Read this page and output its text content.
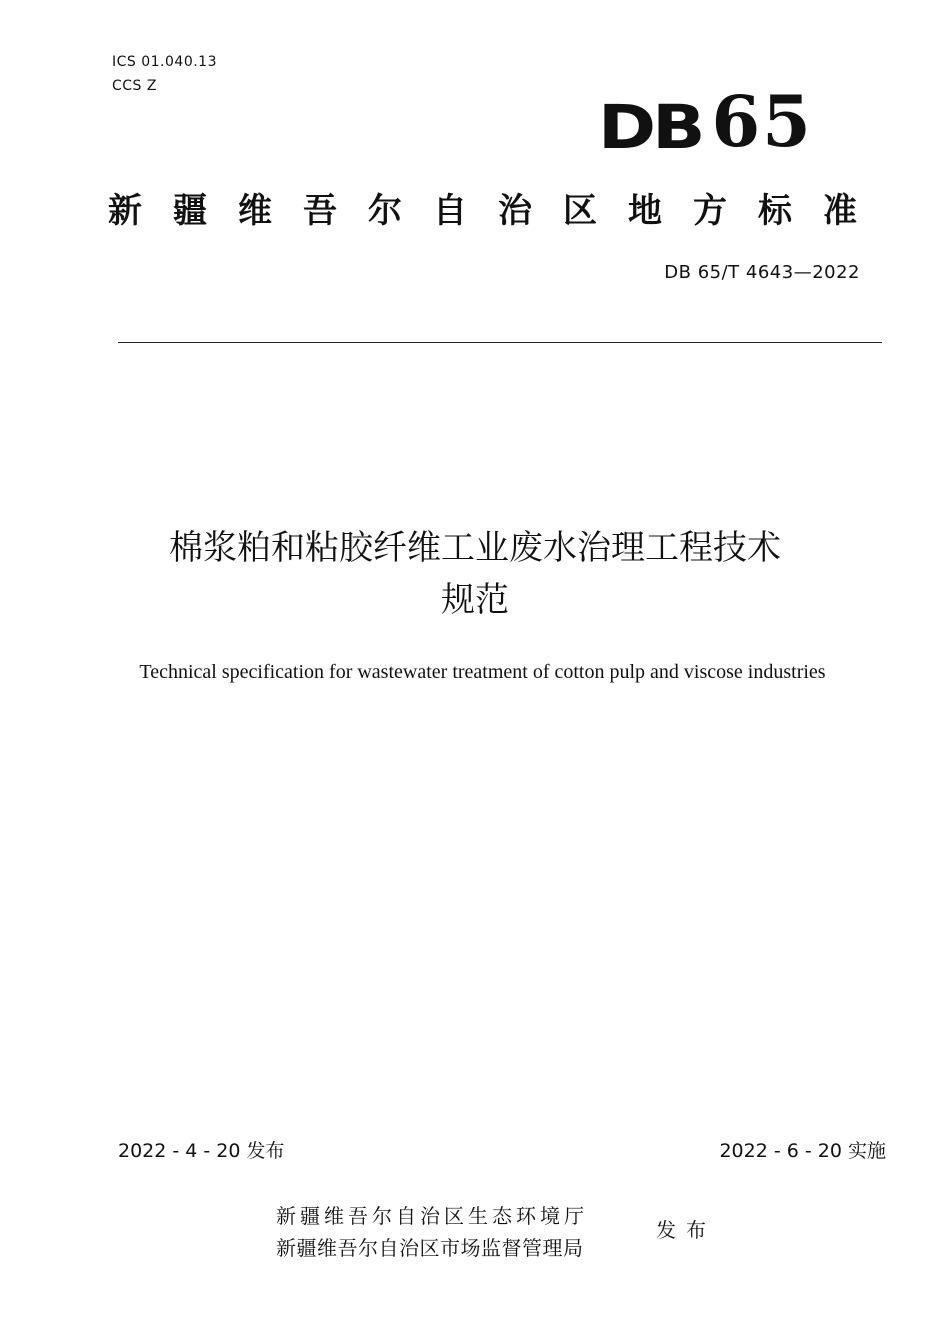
ICS 01.040.13
CCS Z
DB 65
新疆维吾尔自治区地方标准
DB 65/T 4643—2022
棉浆粕和粘胶纤维工业废水治理工程技术
规范
Technical specification for wastewater treatment of cotton pulp and viscose industries
2022 - 4 - 20 发布	2022 - 6 - 20 实施
新疆维吾尔自治区生态环境厅
新疆维吾尔自治区市场监督管理局
发布
